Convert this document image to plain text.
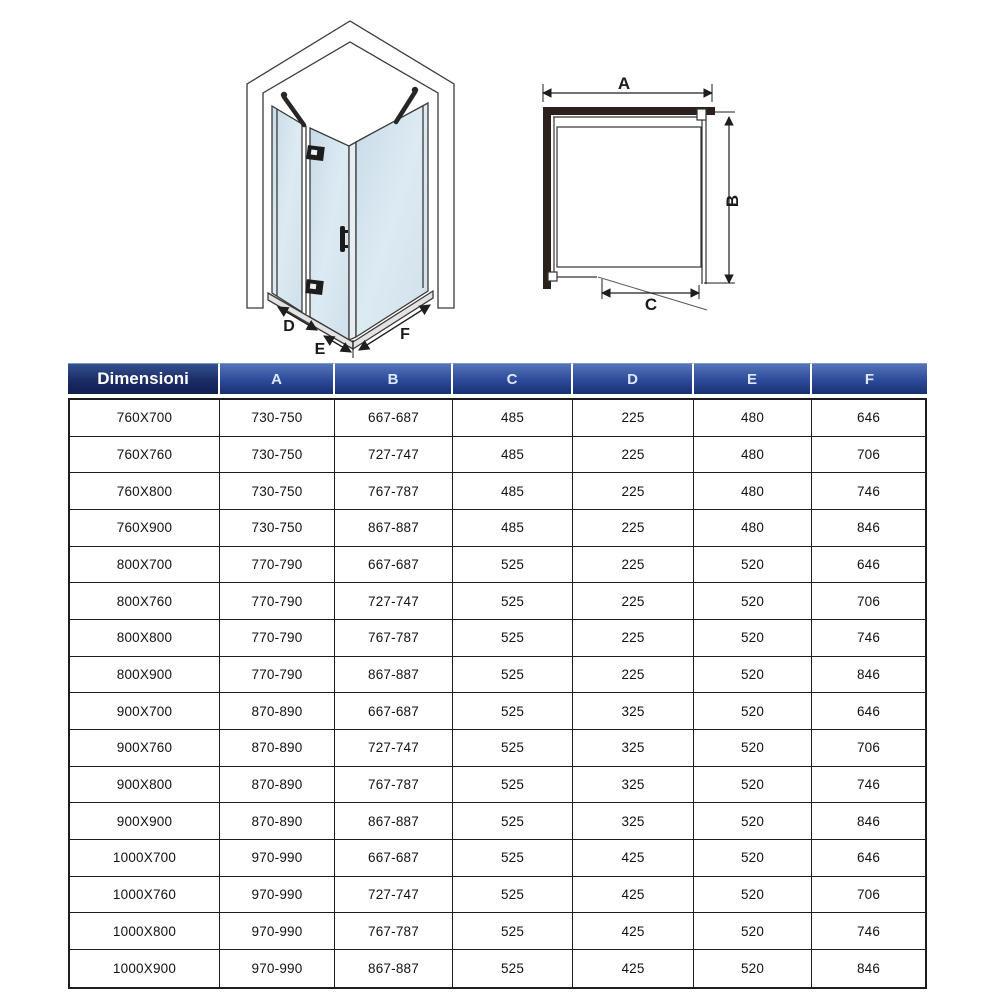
D
E
F
A
B
C
Dimensioni	A	B	C	D	E	F
760X700	730-750	667-687	485	225	480	646
760X760	730-750	727-747	485	225	480	706
760X800	730-750	767-787	485	225	480	746
760X900	730-750	867-887	485	225	480	846
800X700	770-790	667-687	525	225	520	646
800X760	770-790	727-747	525	225	520	706
800X800	770-790	767-787	525	225	520	746
800X900	770-790	867-887	525	225	520	846
900X700	870-890	667-687	525	325	520	646
900X760	870-890	727-747	525	325	520	706
900X800	870-890	767-787	525	325	520	746
900X900	870-890	867-887	525	325	520	846
1000X700	970-990	667-687	525	425	520	646
1000X760	970-990	727-747	525	425	520	706
1000X800	970-990	767-787	525	425	520	746
1000X900	970-990	867-887	525	425	520	846
